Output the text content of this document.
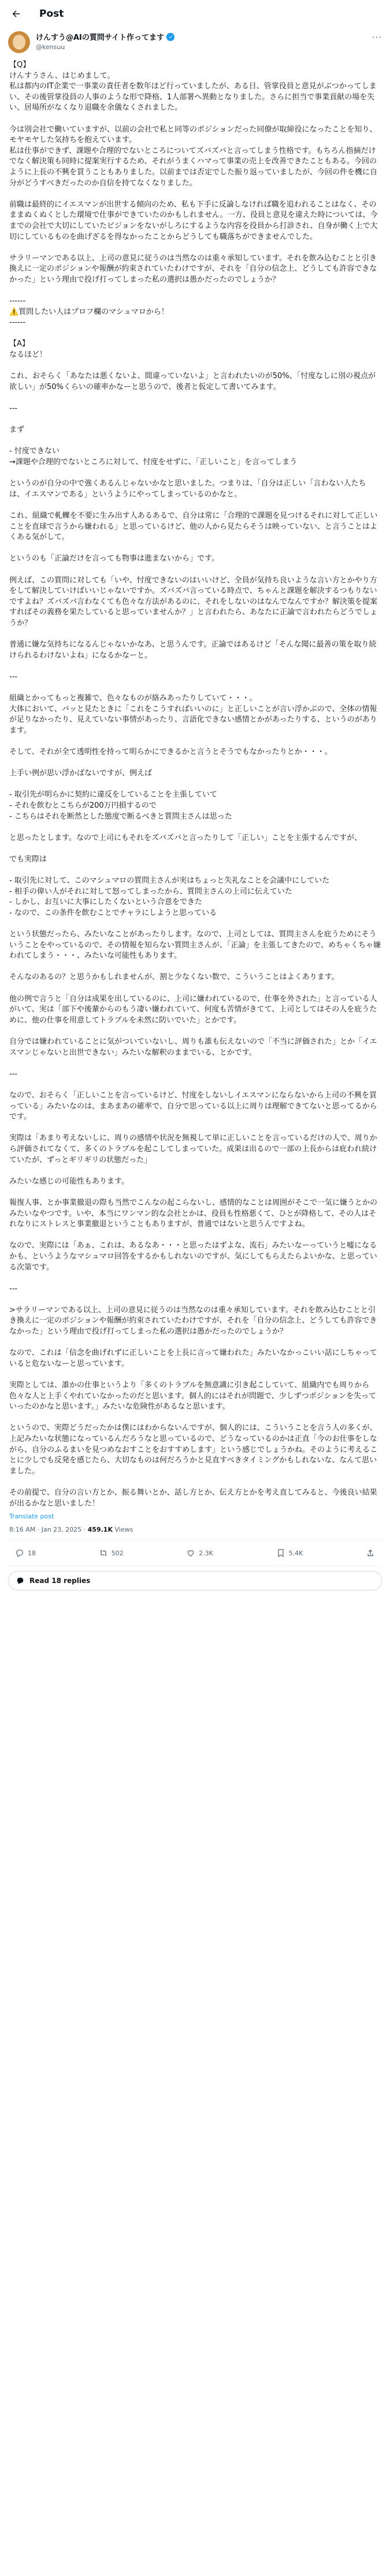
Post
けんすう@AIの質問サイト作ってます
@kensuu
···
【Q】
けんすうさん、はじめまして。
私は都内のIT企業で一事業の責任者を数年ほど行っていましたが、ある日、管掌役員と意見がぶつかってしまい、その後管掌役員の人事のような形で降格、1人部署へ異動となりました。さらに担当で事業貢献の場を失い、居場所がなくなり退職を余儀なくされました。

今は別会社で働いていますが、以前の会社で私と同等のポジションだった同僚が取締役になったことを知り、モヤモヤした気持ちを抱えています。
私は仕事ができず、課題や合理的でないところについてズバズバと言ってしまう性格です。もちろん指摘だけでなく解決策も同時に提案実行するため、それがうまくハマって事業の売上を改善できたこともある。今回のように上長の不興を買うこともありました。以前までは否定でした振り返っていましたが、今回の件を機に自分がどうすべきだったのか自信を持てなくなりました。

前職は最終的にイエスマンが出世する傾向のため、私も下手に反論しなければ職を追われることはなく、そのままぬくぬくとした環境で仕事ができていたのかもしれません。一方、役員と意見を違えた時については、今までの会社で大切にしていたビジョンをないがしろにするような内容を役員から打診され、自身が働く上で大切にしているものを曲げざるを得なかったことからどうしても職落ちができませんでした。

サラリーマンである以上、上司の意見に従うのは当然なのは重々承知しています。それを飲み込むことと引き換えに一定のポジションや報酬が約束されていたわけですが、それを「自分の信念上、どうしても許容できなかった」という理由で投げ打ってしまった私の選択は愚かだったのでしょうか？

------
⚠️質問したい人はプロフ欄のマシュマロから！
------

【A】
なるほど！

これ、おそらく「あなたは悪くないよ、間違っていないよ」と言われたいのが50%、「忖度なしに別の視点が欲しい」が50%くらいの確率かなーと思うので、後者と仮定して書いてみます。

---

まず

- 忖度できない
→課題や合理的でないところに対して、忖度をせずに、「正しいこと」を言ってしまう

というのが自分の中で強くあるんじゃないかなと思いました。つまりは、「自分は正しい「言わない人たちは、イエスマンである」というようにやってしまっているのかなと。

これ、組織で軋轢を不要に生み出す人あるあるで、自分は常に「合理的で課題を見つけるそれに対して正しいことを直球で言うから嫌われる」と思っているけど、他の人から見たらそうは映っていない、と言うことはよくある気がして。

というのも「正論だけを言っても物事は進まないから」です。

例えば、この質問に対しても「いや、忖度できないのはいいけど、全員が気持ち良いような言い方とかやり方をして解決していけばいいじゃないですか。ズバズバ言っている時点で、ちゃんと課題を解決するつもりないですよね？ズバズバ言わなくても色々な方法があるのに、それをしないのはなんでなんですか？解決策を提案すればその義務を果たしていると思っていませんか？」と言われたら、あなたに正論で言われたらどうでしょうか？

普通に嫌な気持ちになるんじゃないかなあ、と思うんです。正論ではあるけど「そんな聞に最善の策を取り続けられるわけないよね」になるかなーと。

---

組織とかってもっと複雑で、色々なものが絡みあったりしていて・・・。
大体において、バッと見たときに「これをこうすればいいのに」と正しいことが言い浮かぶので、全体の情報が足りなかったり、見えていない事情があったり、言語化できない感情とかがあったりする、というのがあります。

そして、それが全て透明性を持って明らかにできるかと言うとそうでもなかったりとか・・・。

上手い例が思い浮かばないですが、例えば

- 取引先が明らかに契約に違反をしていることを主張していて
- それを飲むとこちらが200万円損するので
- こちらはそれを断然とした態度で断るべきと質問主さんは思った

と思ったとします。なので上司にもそれをズバズバと言ったりして「正しい」ことを主張するんですが、

でも実際は

- 取引先に対して、このマシュマロの質問主さんが実はちょっと失礼なことを会議中にしていた
- 相手の偉い人がそれに対して怒ってしまったから、質問主さんの上司に伝えていた
- しかし、お互いに大事にしたくないという合意をできた
- なので、この条件を飲むことでチャラにしようと思っている

という状態だったら、みたいなことがあったりします。なので、上司としては、質問主さんを庇うためにそういうことをやっているので、その情報を知らない質問主さんが、「正論」を主張してきたので、めちゃくちゃ嫌われてしまう・・・、みたいな可能性もあります。

そんなのあるの？と思うかもしれませんが、割と少なくない数で、こういうことはよくあります。

他の例で言うと「自分は成果を出しているのに、上司に嫌われているので、仕事を外された」と言っている人がいて、実は「部下や後輩からのもう凄い嫌われていて、何度も苦情がきてて、上司としてはその人を庇うために、他の仕事を用意してトラブルを未然に防いでいた」とかです。

自分では嫌われていることに気がついていないし、周りも誰も伝えないので「不当に評価された」とか「イエスマンじゃないと出世できない」みたいな解釈のままでいる、とかです。

---

なので、おそらく「正しいことを言っているけど、忖度をしないしイエスマンにならないから上司の不興を買っている」みたいなのは、まあまあの確率で、自分で思っている以上に周りは理解できてないと思ってるからです。

実際は「あまり考えないしに、周りの感情や状況を無視して単に正しいことを言っているだけの人で、周りから評価されてなくて、多くのトラブルを起こしてしまっていた。成果は出るので一部の上長からは庇われ続けていたが、ずっとギリギリの状態だった」

みたいな感じの可能性もあります。

報復人事、とか事業撤退の際も当然でこんなの起こらないし、感情的なことは周囲がそこで一気に嫌うとかのみたいなやつです。いや、本当にワンマン的な会社とかは、役員も性格悪くて、ひとが降格して、その人はそれなりにストレスと事業撤退ということもありますが、普通ではないと思うんですよね。

なので、実際には「あぁ、これは、あるなあ・・・と思ったはずよな、流石」みたいなーっていうと嘘になるかも、というようなマシュマロ回答をするかもしれないのですが、気にしてもらえたらよいかな、と思っている次第です。

---

>サラリーマンである以上、上司の意見に従うのは当然なのは重々承知しています。それを飲み込むことと引き換えに一定のポジションや報酬が約束されていたわけですが、それを「自分の信念上、どうしても許容できなかった」という理由で投げ打ってしまった私の選択は愚かだったのでしょうか？

なので、これは「信念を曲げれずに正しいことを上長に言って嫌われた」みたいなかっこいい話にしちゃっていると危ないなーと思っています。

実際としては、誰かの仕事というより「多くのトラブルを無意識に引き起こしていて、組織内でも周りから色々な人と上手くやれていなかったのだと思います。個人的にはそれが問題で、少しずつポジションを失っていったのかなと思います。」みたいな危険性があるなと思います。

というので、実際どうだったかは僕にはわからないんですが、個人的には、こういうことを言う人の多くが、上記みたいな状態になっているんだろうなと思っているので、どうなっているのかは正直「今のお仕事をしながら、自分のふるまいを見つめなおすことをおすすめします」という感じでしょうかね。そのように考えることに少しでも反発を感じたら、大切なものは何だろうかと見直すべきタイミングかもしれないな、なんて思いました。

その前提で、自分の言い方とか、振る舞いとか、話し方とか、伝え方とかを考え直してみると、今後良い結果が出るかなと思いました！
Translate post
8:16 AM · Jan 23, 2025 · 459.1K Views
18	502	2.3K	5.4K
Read 18 replies
